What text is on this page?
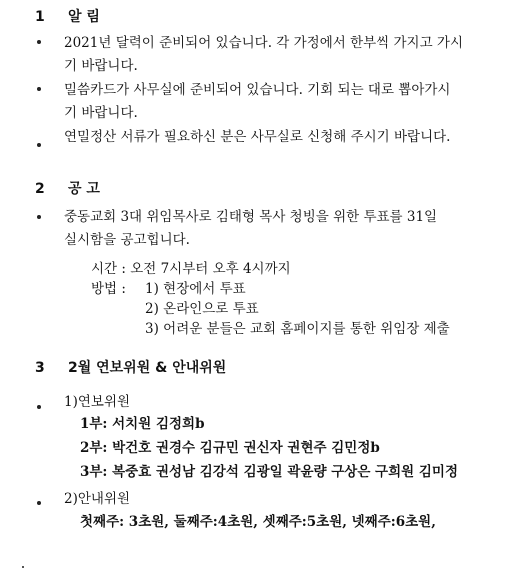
1 알 림
2021년 달력이 준비되어 있습니다. 각 가정에서 한부씩 가지고 가시
기 바랍니다.
밀씀카드가 사무실에 준비되어 있습니다. 기회 되는 대로 뽑아가시
기 바랍니다.
연밀정산 서류가 필요하신 분은 사무실로 신청해 주시기 바랍니다.
2 공 고
중동교회 3대 위임목사로 김태형 목사 청빙을 위한 투표를 31일
실시함을 공고힙니다.
시간 : 오전 7시부터 오후 4시까지
방법 : 1) 현장에서 투표
2) 온라인으로 투표
3) 어려운 분들은 교회 홈페이지를 통한 위임장 제출
3 2월 연보위원 & 안내위원
1)연보위원
1부: 서치원 김정희b
2부: 박건호 권경수 김규민 권신자 권현주 김민정b
3부: 복중효 권성남 김강석 김광일 곽윤량 구상은 구희원 김미정
2)안내위원
첫째주: 3초원, 둘째주:4초원, 셋째주:5초원, 넷째주:6초원,
